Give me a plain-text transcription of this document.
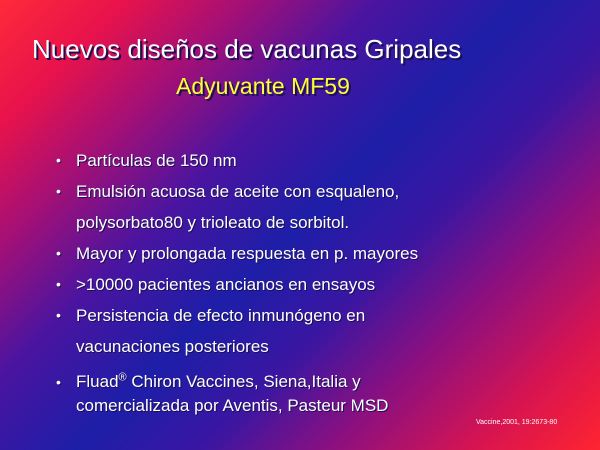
Nuevos diseños de vacunas Gripales
Adyuvante MF59
• Partículas de 150 nm
• Emulsión acuosa de aceite con esqualeno,
polysorbato80 y trioleato de sorbitol.
• Mayor y prolongada respuesta en p. mayores
• >10000 pacientes ancianos en ensayos
• Persistencia de efecto inmunógeno en
vacunaciones posteriores
• Fluad® Chiron Vaccines, Siena,Italia y
comercializada por Aventis, Pasteur MSD
Vaccine,2001, 19:2673-80
